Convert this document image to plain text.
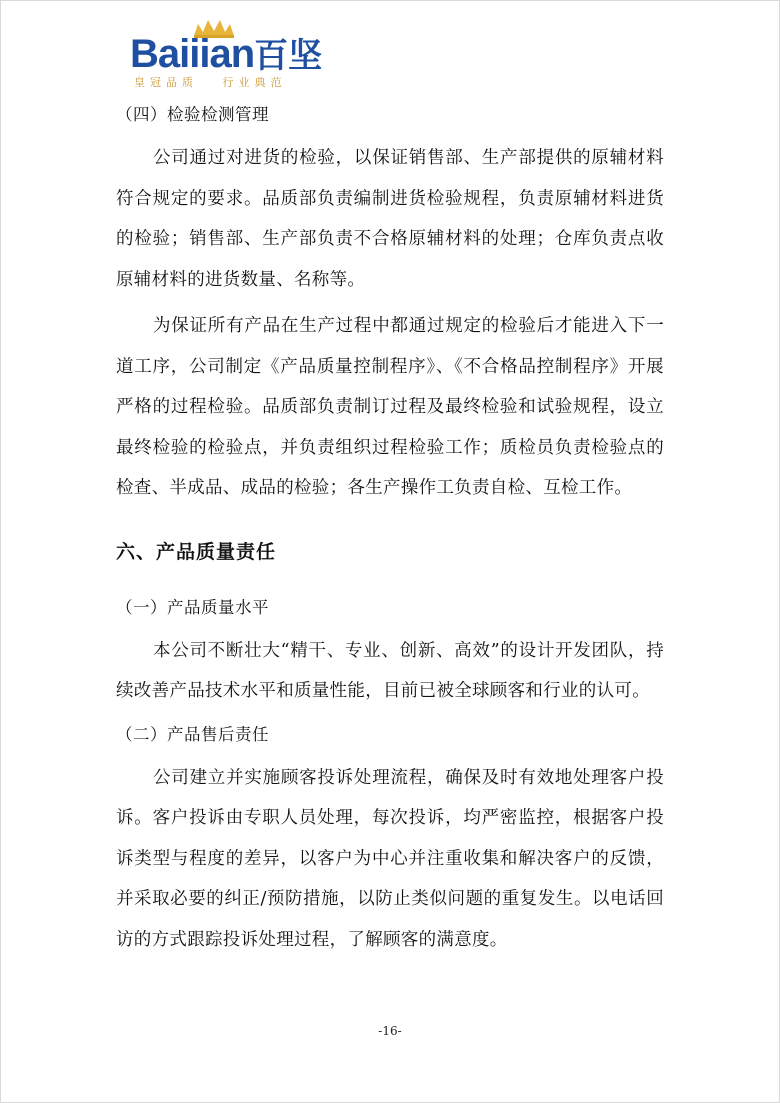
Baiiian百坚
皇冠品质 行业典范
（四）检验检测管理

公司通过对进货的检验，以保证销售部、生产部提供的原辅材料符合规定的要求。品质部负责编制进货检验规程，负责原辅材料进货的检验；销售部、生产部负责不合格原辅材料的处理；仓库负责点收原辅材料的进货数量、名称等。

为保证所有产品在生产过程中都通过规定的检验后才能进入下一道工序，公司制定《产品质量控制程序》、《不合格品控制程序》开展严格的过程检验。品质部负责制订过程及最终检验和试验规程，设立最终检验的检验点，并负责组织过程检验工作；质检员负责检验点的检查、半成品、成品的检验；各生产操作工负责自检、互检工作。

六、产品质量责任
（一）产品质量水平

本公司不断壮大“精干、专业、创新、高效”的设计开发团队，持续改善产品技术水平和质量性能，目前已被全球顾客和行业的认可。

（二）产品售后责任

公司建立并实施顾客投诉处理流程，确保及时有效地处理客户投诉。客户投诉由专职人员处理，每次投诉，均严密监控，根据客户投诉类型与程度的差异，以客户为中心并注重收集和解决客户的反馈，并采取必要的纠正/预防措施，以防止类似问题的重复发生。以电话回访的方式跟踪投诉处理过程，了解顾客的满意度。

-16-
